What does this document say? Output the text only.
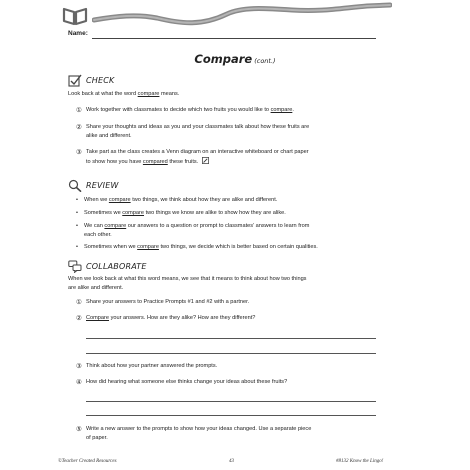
Name:
Compare (cont.)
CHECK
Look back at what the word compare means.
① Work together with classmates to decide which two fruits you would like to compare.
② Share your thoughts and ideas as you and your classmates talk about how these fruits are
alike and different.
③ Take part as the class creates a Venn diagram on an interactive whiteboard or chart paper
to show how you have compared these fruits.
REVIEW
• When we compare two things, we think about how they are alike and different.
• Sometimes we compare two things we know are alike to show how they are alike.
• We can compare our answers to a question or prompt to classmates’ answers to learn from
each other.
• Sometimes when we compare two things, we decide which is better based on certain qualities.
COLLABORATE
When we look back at what this word means, we see that it means to think about how two things
are alike and different.
① Share your answers to Practice Prompts #1 and #2 with a partner.
② Compare your answers. How are they alike? How are they different?
③ Think about how your partner answered the prompts.
④ How did hearing what someone else thinks change your ideas about these fruits?
⑤ Write a new answer to the prompts to show how your ideas changed. Use a separate piece
of paper.
©Teacher Created Resources	43	#8132 Know the Lingo!
